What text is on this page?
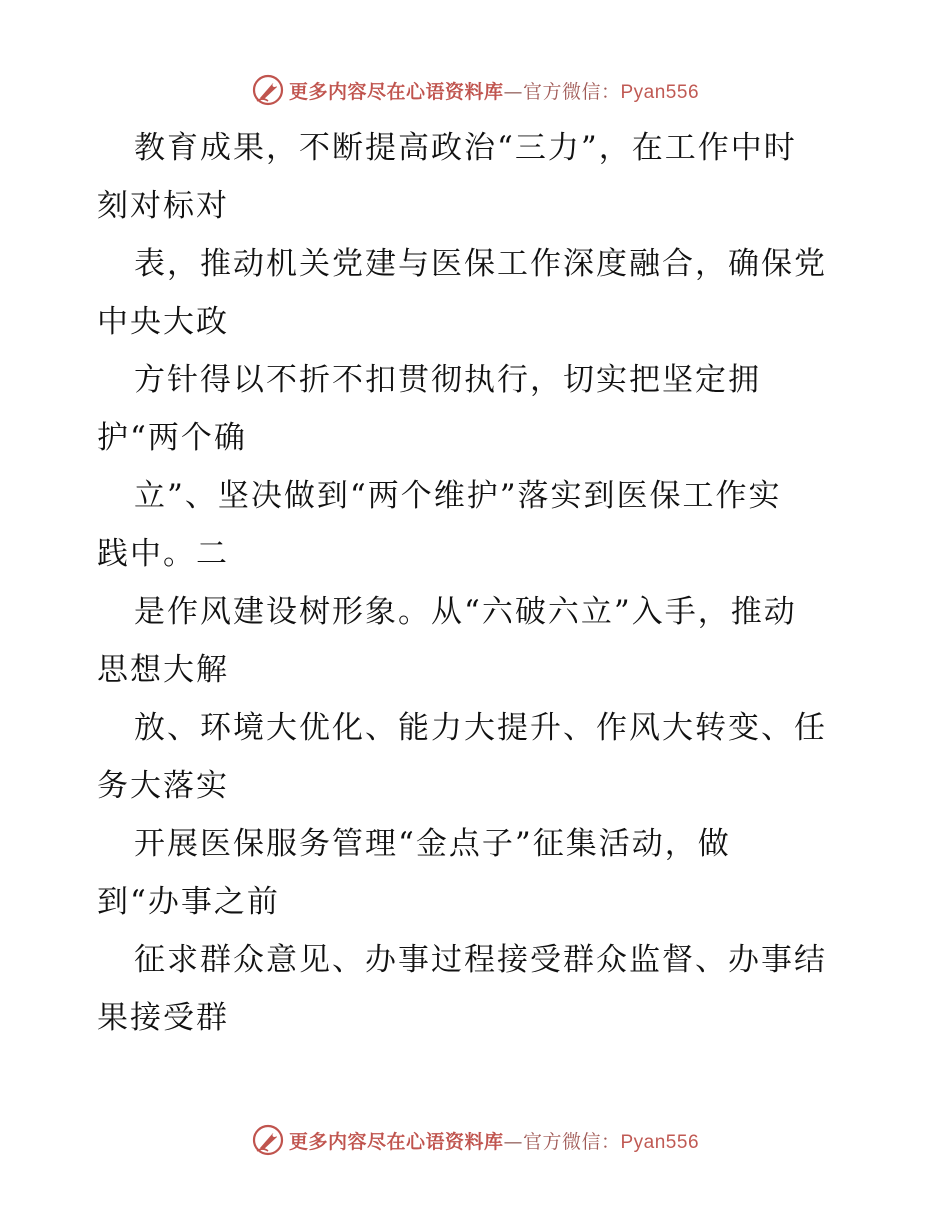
更多内容尽在心语资料库—官方微信：Pyan556
教育成果，不断提高政治“三力”，在工作中时
刻对标对
表，推动机关党建与医保工作深度融合，确保党
中央大政
方针得以不折不扣贯彻执行，切实把坚定拥
护“两个确
立”、坚决做到“两个维护”落实到医保工作实
践中。二
是作风建设树形象。从“六破六立”入手，推动
思想大解
放、环境大优化、能力大提升、作风大转变、任
务大落实
开展医保服务管理“金点子”征集活动，做
到“办事之前
征求群众意见、办事过程接受群众监督、办事结
果接受群
更多内容尽在心语资料库—官方微信：Pyan556
